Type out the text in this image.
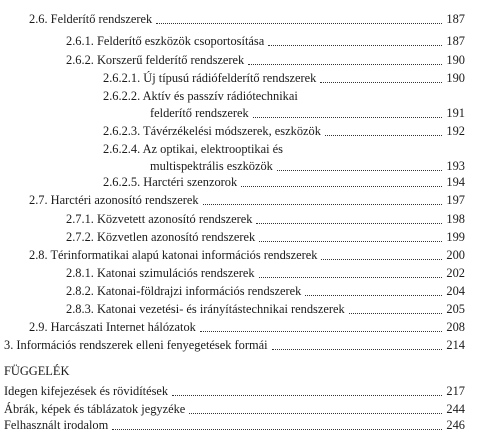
2.6. Felderítő rendszerek	187
2.6.1. Felderítő eszközök csoportosítása	187
2.6.2. Korszerű felderítő rendszerek	190
2.6.2.1. Új típusú rádiófelderítő rendszerek	190
2.6.2.2. Aktív és passzív rádiótechnikai
felderítő rendszerek	191
2.6.2.3. Távérzékelési módszerek, eszközök	192
2.6.2.4. Az optikai, elektrooptikai és
multispektrális eszközök	193
2.6.2.5. Harctéri szenzorok	194
2.7. Harctéri azonosító rendszerek	197
2.7.1. Közvetett azonosító rendszerek	198
2.7.2. Közvetlen azonosító rendszerek	199
2.8. Térinformatikai alapú katonai információs rendszerek	200
2.8.1. Katonai szimulációs rendszerek	202
2.8.2. Katonai-földrajzi információs rendszerek	204
2.8.3. Katonai vezetési- és irányítástechnikai rendszerek	205
2.9. Harcászati Internet hálózatok	208
3. Információs rendszerek elleni fenyegetések formái	214
FÜGGELÉK
Idegen kifejezések és rövidítések	217
Ábrák, képek és táblázatok jegyzéke	244
Felhasznált irodalom	246
